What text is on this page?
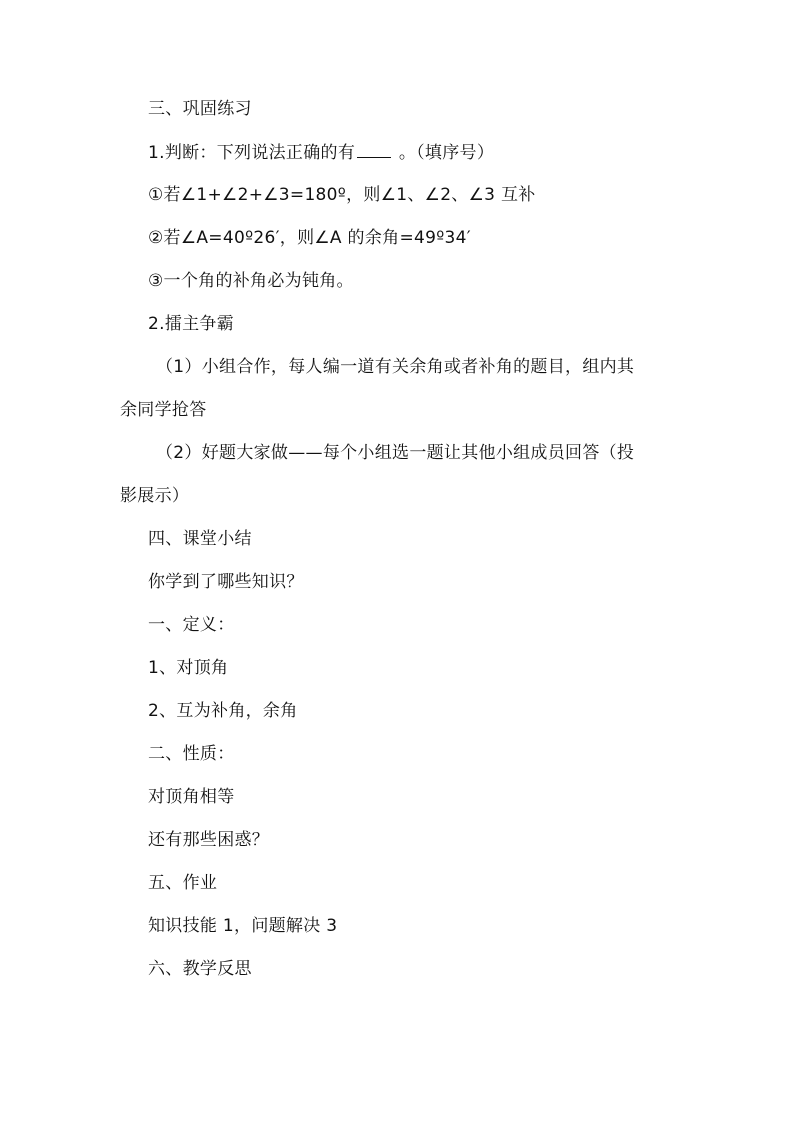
三、巩固练习
1.判断：下列说法正确的有 。（填序号）
①若∠1+∠2+∠3=180º，则∠1、∠2、∠3 互补
②若∠A=40º26′，则∠A 的余角=49º34′
③一个角的补角必为钝角。
2.擂主争霸
（1）小组合作，每人编一道有关余角或者补角的题目，组内其
余同学抢答
（2）好题大家做——每个小组选一题让其他小组成员回答（投
影展示）
四、课堂小结
你学到了哪些知识？
一、定义：
1、对顶角
2、互为补角，余角
二、性质：
对顶角相等
还有那些困惑？
五、作业
知识技能 1，问题解决 3
六、教学反思
